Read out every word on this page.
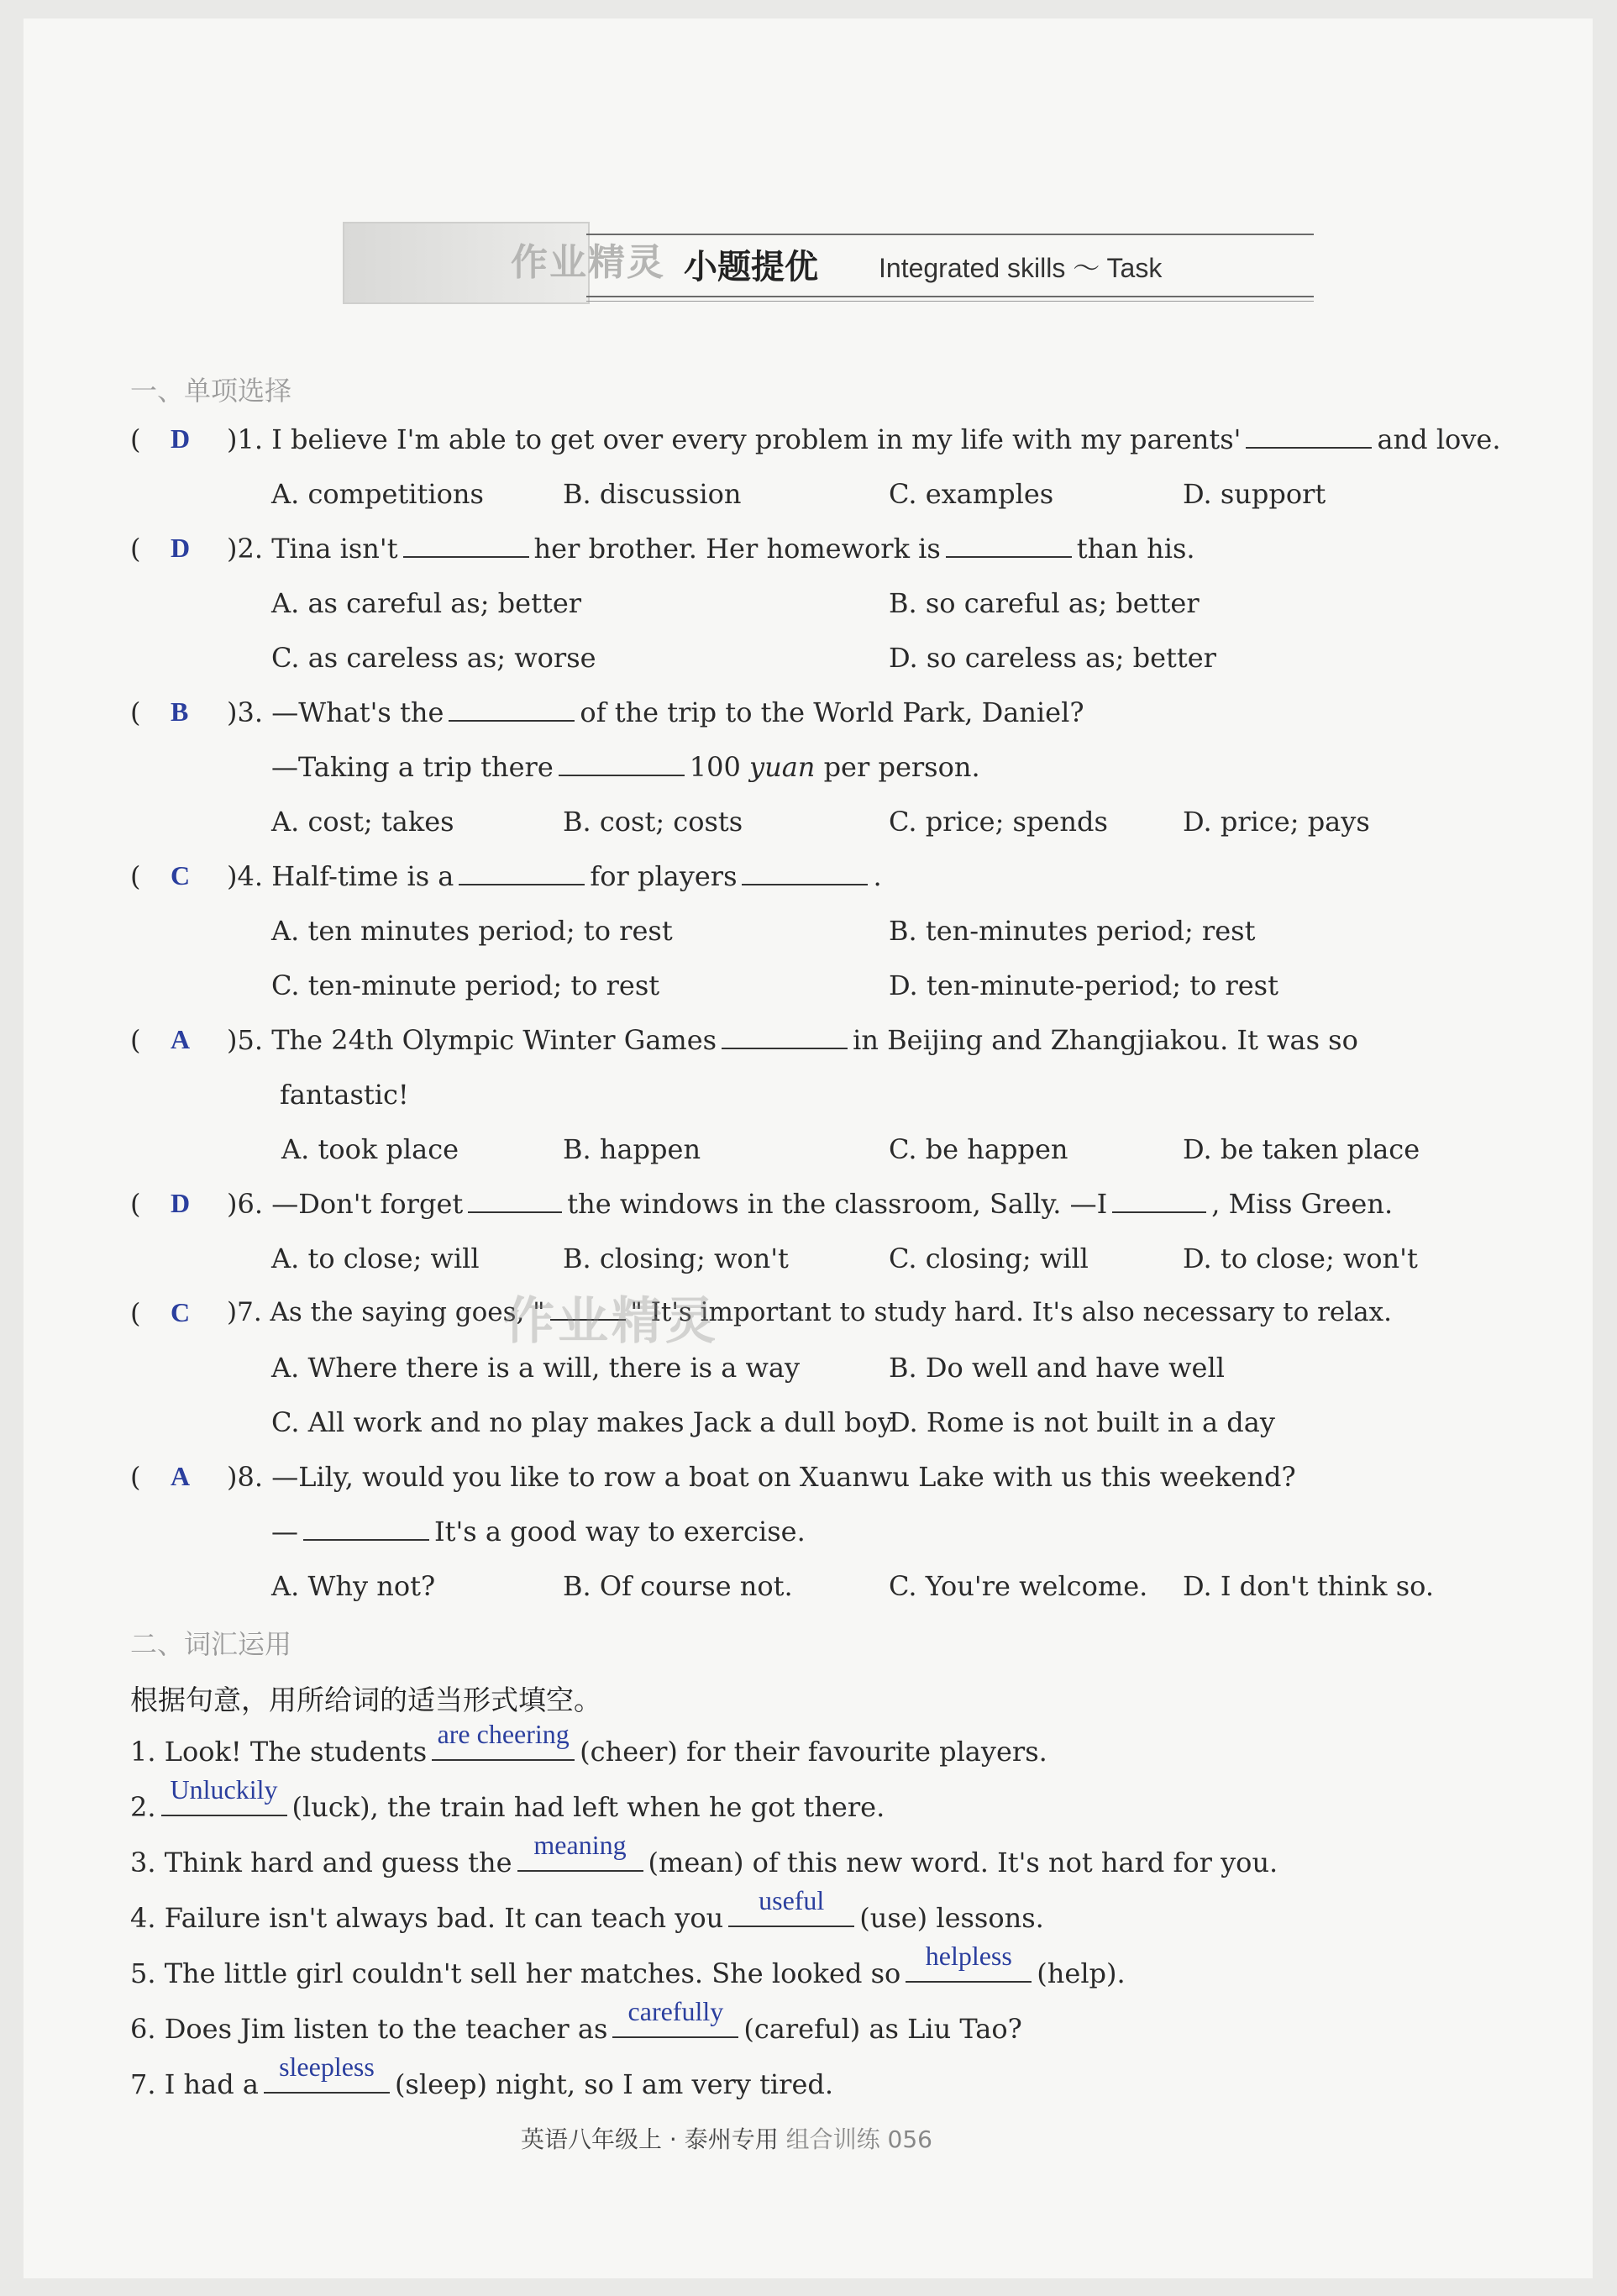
作业精灵 小题提优 Integrated skills ～ Task
一、单项选择
( D )1. I believe I'm able to get over every problem in my life with my parents'	and love.
A. competitions	B. discussion	C. examples	D. support
( D )2. Tina isn't	her brother. Her homework is	than his.
A. as careful as; better	B. so careful as; better
C. as careless as; worse	D. so careless as; better
( B )3. —What's the	of the trip to the World Park, Daniel?
—Taking a trip there	100 yuan per person.
A. cost; takes	B. cost; costs	C. price; spends	D. price; pays
( C )4. Half-time is a	for players	.
A. ten minutes period; to rest	B. ten-minutes period; rest
C. ten-minute period; to rest	D. ten-minute-period; to rest
( A )5. The 24th Olympic Winter Games	in Beijing and Zhangjiakou. It was so
fantastic!
A. took place	B. happen	C. be happen	D. be taken place
( D )6. —Don't forget	the windows in the classroom, Sally. —I	, Miss Green.
A. to close; will	B. closing; won't	C. closing; will	D. to close; won't
( C )7. As the saying goes, "	" It's important to study hard. It's also necessary to relax.
作业精灵
A. Where there is a will, there is a way	B. Do well and have well
C. All work and no play makes Jack a dull boy
D. Rome is not built in a day
( A )8. —Lily, would you like to row a boat on Xuanwu Lake with us this weekend?
—	It's a good way to exercise.
A. Why not?	B. Of course not.	C. You're welcome. D. I don't think so.
二、词汇运用
根据句意，用所给词的适当形式填空。
1. Look! The students
are cheering
(cheer) for their favourite players.
2.
Unluckily
(luck), the train had left when he got there.
3. Think hard and guess the
meaning
(mean) of this new word. It's not hard for you.
4. Failure isn't always bad. It can teach you
useful
(use) lessons.
5. The little girl couldn't sell her matches. She looked so
helpless
(help).
6. Does Jim listen to the teacher as
carefully
(careful) as Liu Tao?
7. I had a
sleepless
(sleep) night, so I am very tired.
英语八年级上 · 泰州专用 组合训练 056
